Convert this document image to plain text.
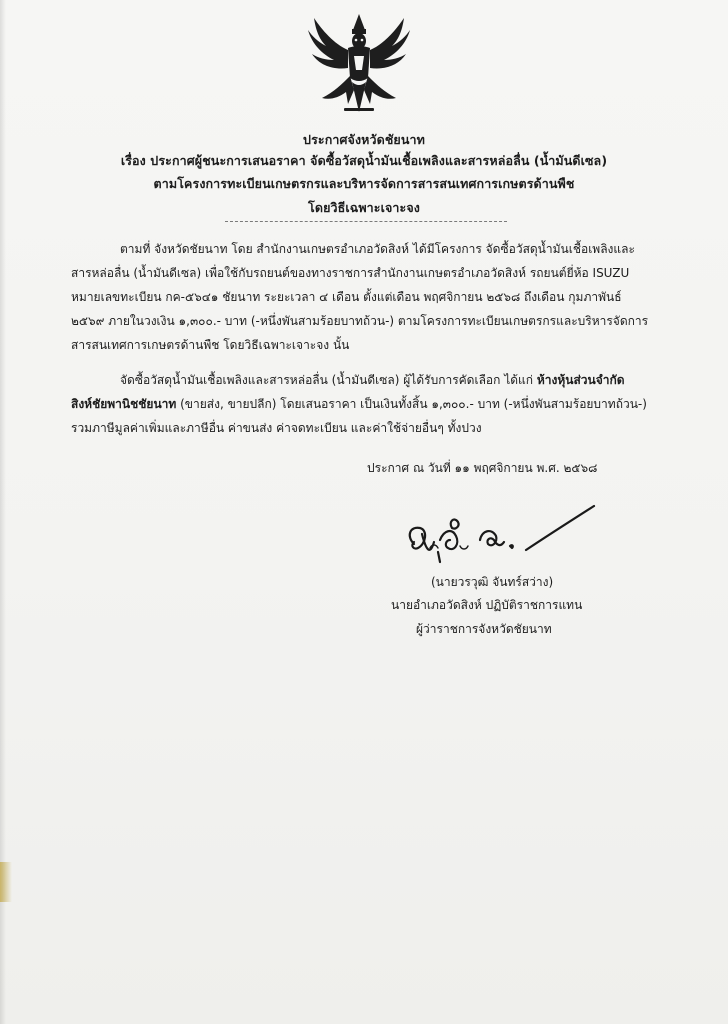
ประกาศจังหวัดชัยนาท
เรื่อง ประกาศผู้ชนะการเสนอราคา จัดซื้อวัสดุน้ำมันเชื้อเพลิงและสารหล่อลื่น (น้ำมันดีเซล)
ตามโครงการทะเบียนเกษตรกรและบริหารจัดการสารสนเทศการเกษตรด้านพืช
โดยวิธีเฉพาะเจาะจง
ตามที่ จังหวัดชัยนาท โดย สำนักงานเกษตรอำเภอวัดสิงห์ ได้มีโครงการ จัดซื้อวัสดุน้ำมันเชื้อเพลิงและ
สารหล่อลื่น (น้ำมันดีเซล) เพื่อใช้กับรถยนต์ของทางราชการสำนักงานเกษตรอำเภอวัดสิงห์ รถยนต์ยี่ห้อ ISUZU
หมายเลขทะเบียน กค-๕๖๔๑ ชัยนาท ระยะเวลา ๔ เดือน ตั้งแต่เดือน พฤศจิกายน ๒๕๖๘ ถึงเดือน กุมภาพันธ์
๒๕๖๙ ภายในวงเงิน ๑,๓๐๐.- บาท (-หนึ่งพันสามร้อยบาทถ้วน-) ตามโครงการทะเบียนเกษตรกรและบริหารจัดการ
สารสนเทศการเกษตรด้านพืช โดยวิธีเฉพาะเจาะจง นั้น
จัดซื้อวัสดุน้ำมันเชื้อเพลิงและสารหล่อลื่น (น้ำมันดีเซล) ผู้ได้รับการคัดเลือก ได้แก่ ห้างหุ้นส่วนจำกัด
สิงห์ชัยพานิชชัยนาท (ขายส่ง, ขายปลีก) โดยเสนอราคา เป็นเงินทั้งสิ้น ๑,๓๐๐.- บาท (-หนึ่งพันสามร้อยบาทถ้วน-)
รวมภาษีมูลค่าเพิ่มและภาษีอื่น ค่าขนส่ง ค่าจดทะเบียน และค่าใช้จ่ายอื่นๆ ทั้งปวง
ประกาศ ณ วันที่ ๑๑ พฤศจิกายน พ.ศ. ๒๕๖๘
(นายวรวุฒิ จันทร์สว่าง)
นายอำเภอวัดสิงห์ ปฏิบัติราชการแทน
ผู้ว่าราชการจังหวัดชัยนาท
